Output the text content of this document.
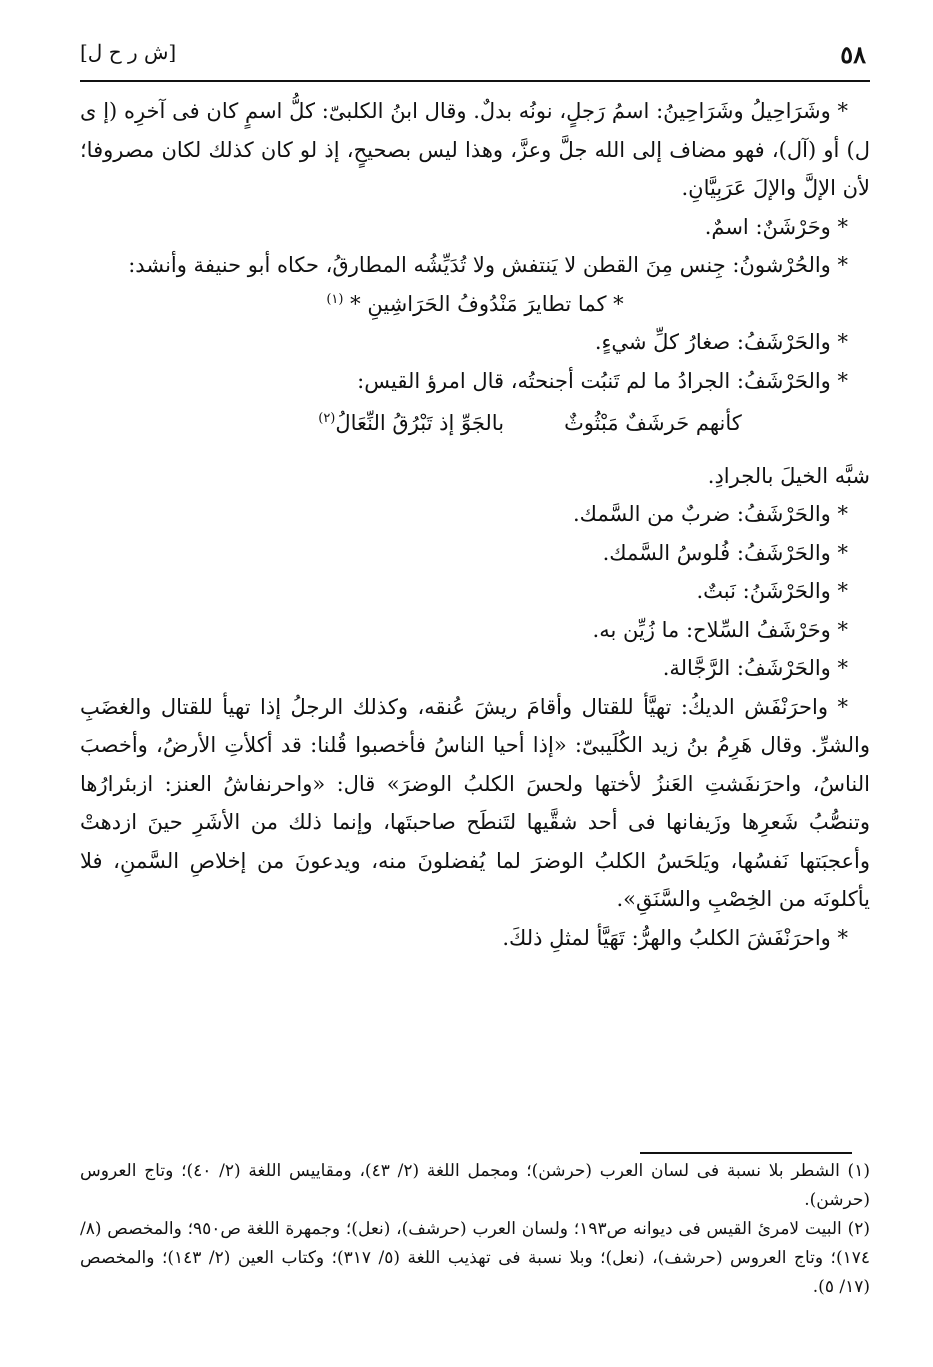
[ش ر ح ل]	٥٨

* وشَرَاحِيلُ وشَرَاحِينُ: اسمُ رَجلٍ، نونُه بدلٌ. وقال ابنُ الكلبىّ: كلُّ اسمٍ كان فى آخرِه (إ ى ل) أو (آل)، فهو مضاف إلى الله جلَّ وعزَّ، وهذا ليس بصحيحٍ، إذ لو كان كذلك لكان مصروفا؛ لأن الإلَّ والإلَ عَرَبِيَّانِ.

* وحَرْشَنٌ: اسمٌ.

* والحُرْشونُ: جِنس مِنَ القطن لا يَنتفش ولا تُدَيِّشُه المطارقُ، حكاه أبو حنيفة وأنشد:

* كما تطايرَ مَنْدُوفُ الحَرَاشِينِ * $^{(١)}$

* والحَرْشَفُ: صغارُ كلِّ شيءٍ.

* والحَرْشَفُ: الجرادُ ما لم تَنبُت أجنحتُه، قال امرؤ القيس:

كأنهم حَرشَفٌ مَبْثُوثٌ
بالجَوِّ إذ تَبْرُقُ النِّعَالُ$^{(٢)}$

شبَّه الخيلَ بالجرادِ.

* والحَرْشَفُ: ضربٌ من السَّمك.

* والحَرْشَفُ: فُلوسُ السَّمك.

* والحَرْشَنُ: نَبتٌ.

* وحَرْشَفُ السِّلاح: ما زُيِّن به.

* والحَرْشَفُ: الرَّجَّالة.

* واحرَنْفَش الديكُ: تهيَّأ للقتال وأقامَ ريشَ عُنقه، وكذلك الرجلُ إذا تهيأ للقتال والغضَبِ والشرِّ. وقال هَرِمُ بنُ زيد الكُلَيبىّ: «إذا أحيا الناسُ فأخصبوا قُلنا: قد أكلأتِ الأرضُ، وأخصبَ الناسُ، واحرَنفَشتِ العَنزُ لأختها ولحسَ الكلبُ الوضرَ» قال: «واحرنفاشُ العنز: ازبئرارُها وتنصُّبُ شَعرِها وزَيفانها فى أحد شقَّيها لتَنطَح صاحبتَها، وإنما ذلك من الأشَرِ حينَ ازدهتْ وأعجبَتها نَفسُها، ويَلحَسُ الكلبُ الوضرَ لما يُفضلونَ منه، ويدعونَ من إخلاصِ السَّمنِ، فلا يأكلونَه من الخِصْبِ والسَّنَقِ».

* واحرَنْفَشَ الكلبُ والهرُّ: تَهَيَّأ لمثلِ ذلكَ.

(١) الشطر بلا نسبة فى لسان العرب (حرشن)؛ ومجمل اللغة (٢/ ٤٣)، ومقاييس اللغة (٢/ ٤٠)؛ وتاج العروس (حرشن).

(٢) البيت لامرئ القيس فى ديوانه ص١٩٣؛ ولسان العرب (حرشف)، (نعل)؛ وجمهرة اللغة ص٩٥٠؛ والمخصص (٨/ ١٧٤)؛ وتاج العروس (حرشف)، (نعل)؛ وبلا نسبة فى تهذيب اللغة (٥/ ٣١٧)؛ وكتاب العين (٢/ ١٤٣)؛ والمخصص (١٧/ ٥).
